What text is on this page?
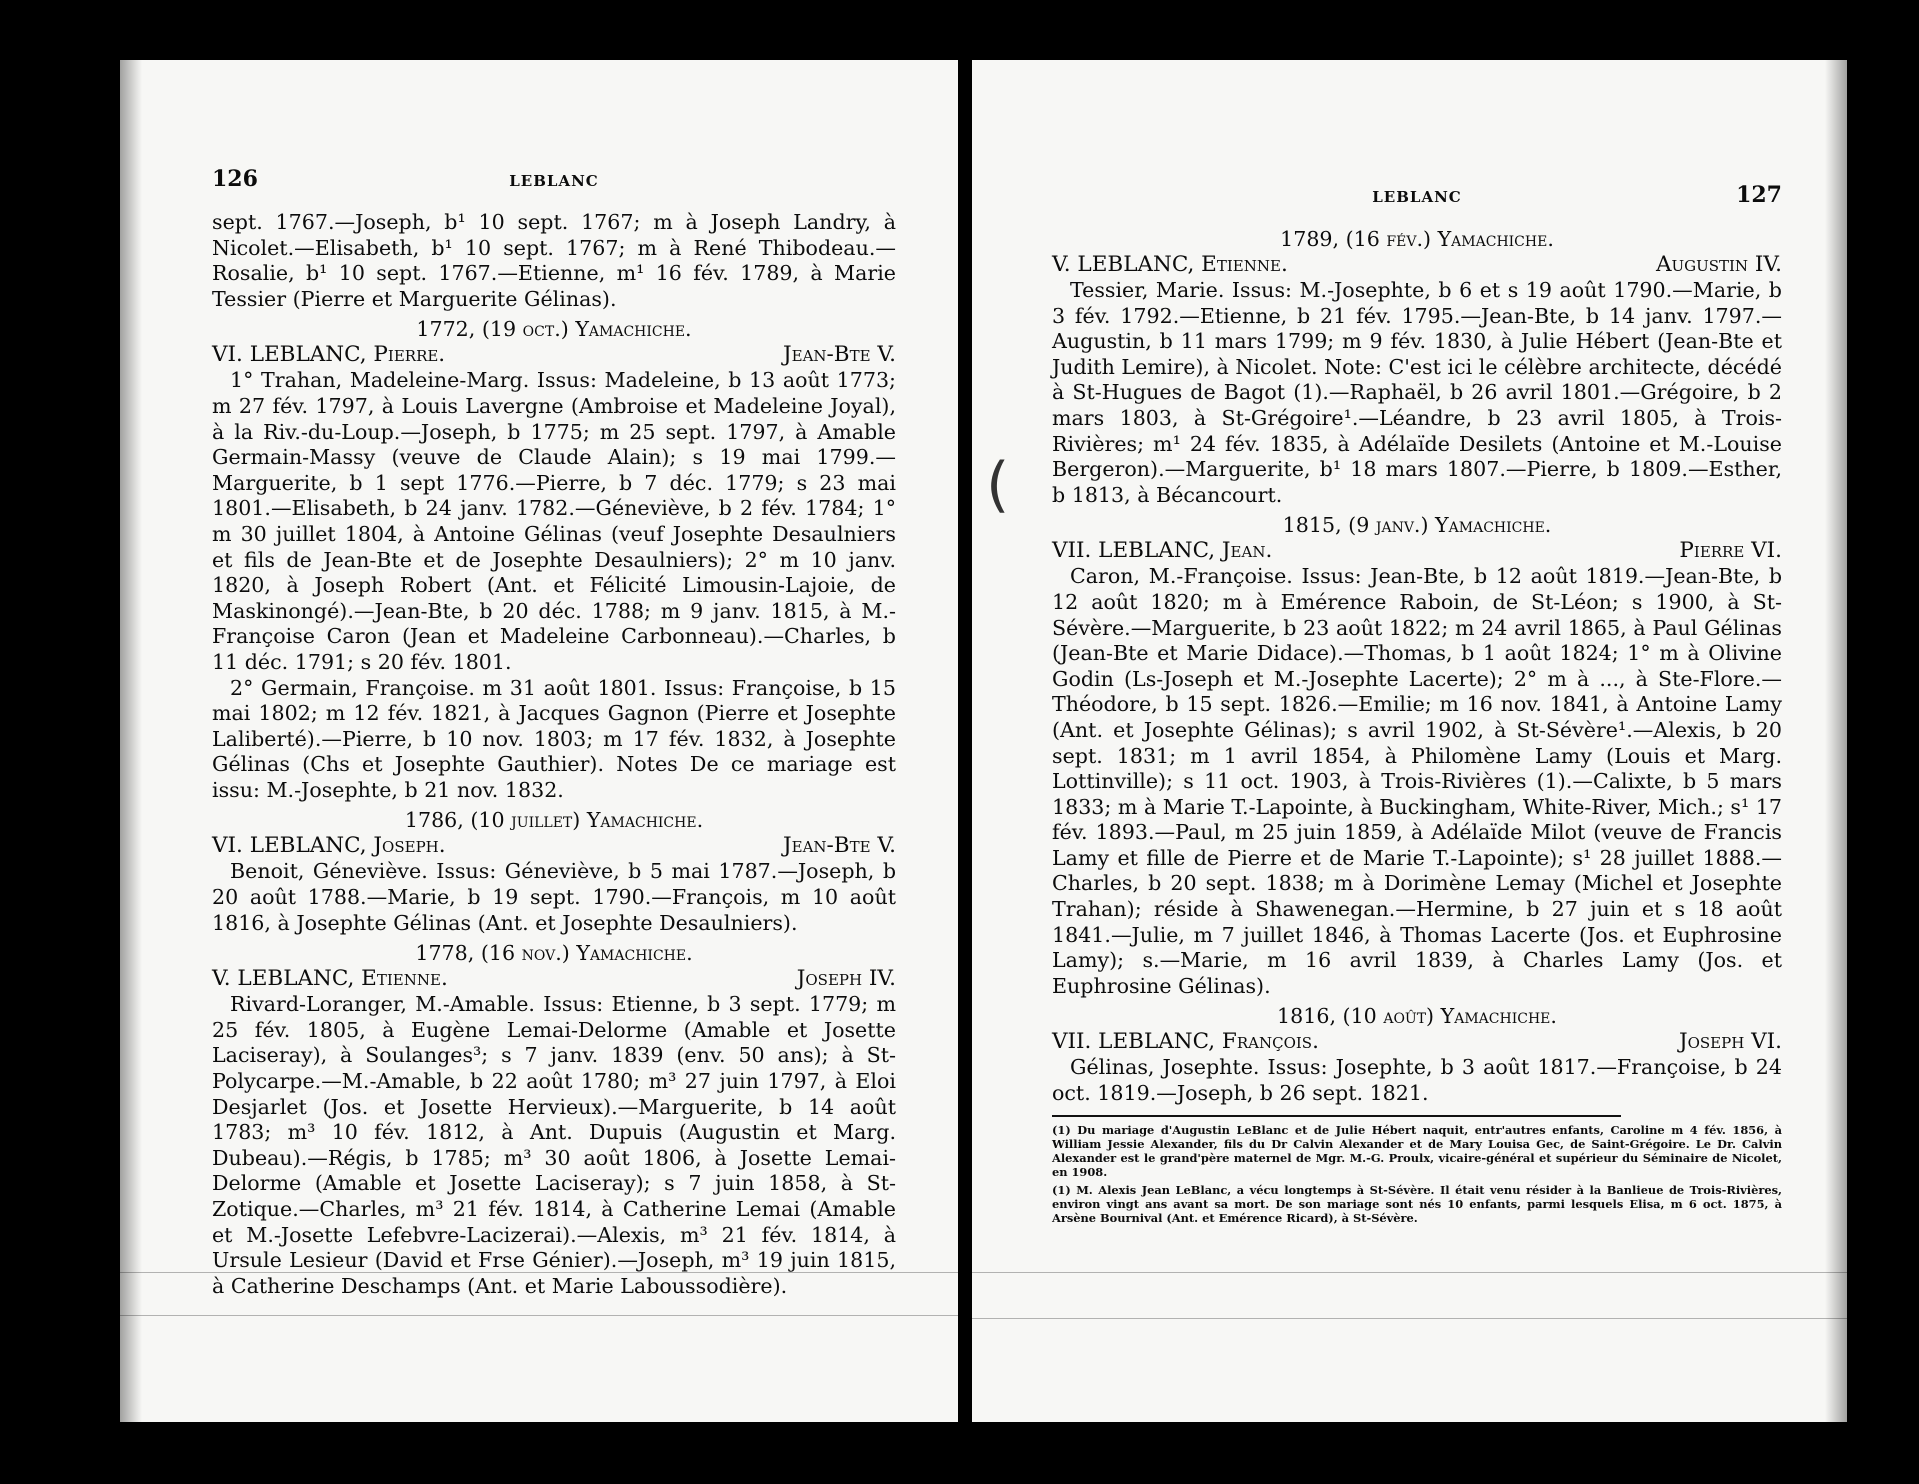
126	LEBLANC

sept. 1767.—Joseph, b¹ 10 sept. 1767; m à Joseph Landry, à Nicolet.—Elisabeth, b¹ 10 sept. 1767; m à René Thibodeau.—Rosalie, b¹ 10 sept. 1767.—Etienne, m¹ 16 fév. 1789, à Marie Tessier (Pierre et Marguerite Gélinas).

1772, (19 oct.) Yamachiche.

VI. LEBLANC, Pierre.	Jean-Bte V.

1° Trahan, Madeleine-Marg. Issus: Madeleine, b 13 août 1773; m 27 fév. 1797, à Louis Lavergne (Ambroise et Madeleine Joyal), à la Riv.-du-Loup.—Joseph, b 1775; m 25 sept. 1797, à Amable Germain-Massy (veuve de Claude Alain); s 19 mai 1799.—Marguerite, b 1 sept 1776.—Pierre, b 7 déc. 1779; s 23 mai 1801.—Elisabeth, b 24 janv. 1782.—Géneviève, b 2 fév. 1784; 1° m 30 juillet 1804, à Antoine Gélinas (veuf Josephte Desaulniers et fils de Jean-Bte et de Josephte Desaulniers); 2° m 10 janv. 1820, à Joseph Robert (Ant. et Félicité Limousin-Lajoie, de Maskinongé).—Jean-Bte, b 20 déc. 1788; m 9 janv. 1815, à M.-Françoise Caron (Jean et Madeleine Carbonneau).—Charles, b 11 déc. 1791; s 20 fév. 1801.

2° Germain, Françoise. m 31 août 1801. Issus: Françoise, b 15 mai 1802; m 12 fév. 1821, à Jacques Gagnon (Pierre et Josephte Laliberté).—Pierre, b 10 nov. 1803; m 17 fév. 1832, à Josephte Gélinas (Chs et Josephte Gauthier). Notes De ce mariage est issu: M.-Josephte, b 21 nov. 1832.

1786, (10 juillet) Yamachiche.

VI. LEBLANC, Joseph.	Jean-Bte V.

Benoit, Géneviève. Issus: Géneviève, b 5 mai 1787.—Joseph, b 20 août 1788.—Marie, b 19 sept. 1790.—François, m 10 août 1816, à Josephte Gélinas (Ant. et Josephte Desaulniers).

1778, (16 nov.) Yamachiche.

V. LEBLANC, Etienne.	Joseph IV.

Rivard-Loranger, M.-Amable. Issus: Etienne, b 3 sept. 1779; m 25 fév. 1805, à Eugène Lemai-Delorme (Amable et Josette Laciseray), à Soulanges³; s 7 janv. 1839 (env. 50 ans); à St-Polycarpe.—M.-Amable, b 22 août 1780; m³ 27 juin 1797, à Eloi Desjarlet (Jos. et Josette Hervieux).—Marguerite, b 14 août 1783; m³ 10 fév. 1812, à Ant. Dupuis (Augustin et Marg. Dubeau).—Régis, b 1785; m³ 30 août 1806, à Josette Lemai-Delorme (Amable et Josette Laciseray); s 7 juin 1858, à St-Zotique.—Charles, m³ 21 fév. 1814, à Catherine Lemai (Amable et M.-Josette Lefebvre-Lacizerai).—Alexis, m³ 21 fév. 1814, à Ursule Lesieur (David et Frse Génier).—Joseph, m³ 19 juin 1815, à Catherine Deschamps (Ant. et Marie Laboussodière).

(
LEBLANC	127

1789, (16 fév.) Yamachiche.

V. LEBLANC, Etienne.	Augustin IV.

Tessier, Marie. Issus: M.-Josephte, b 6 et s 19 août 1790.—Marie, b 3 fév. 1792.—Etienne, b 21 fév. 1795.—Jean-Bte, b 14 janv. 1797.—Augustin, b 11 mars 1799; m 9 fév. 1830, à Julie Hébert (Jean-Bte et Judith Lemire), à Nicolet. Note: C'est ici le célèbre architecte, décédé à St-Hugues de Bagot (1).—Raphaël, b 26 avril 1801.—Grégoire, b 2 mars 1803, à St-Grégoire¹.—Léandre, b 23 avril 1805, à Trois-Rivières; m¹ 24 fév. 1835, à Adélaïde Desilets (Antoine et M.-Louise Bergeron).—Marguerite, b¹ 18 mars 1807.—Pierre, b 1809.—Esther, b 1813, à Bécancourt.

1815, (9 janv.) Yamachiche.

VII. LEBLANC, Jean.	Pierre VI.

Caron, M.-Françoise. Issus: Jean-Bte, b 12 août 1819.—Jean-Bte, b 12 août 1820; m à Emérence Raboin, de St-Léon; s 1900, à St-Sévère.—Marguerite, b 23 août 1822; m 24 avril 1865, à Paul Gélinas (Jean-Bte et Marie Didace).—Thomas, b 1 août 1824; 1° m à Olivine Godin (Ls-Joseph et M.-Josephte Lacerte); 2° m à ..., à Ste-Flore.—Théodore, b 15 sept. 1826.—Emilie; m 16 nov. 1841, à Antoine Lamy (Ant. et Josephte Gélinas); s avril 1902, à St-Sévère¹.—Alexis, b 20 sept. 1831; m 1 avril 1854, à Philomène Lamy (Louis et Marg. Lottinville); s 11 oct. 1903, à Trois-Rivières (1).—Calixte, b 5 mars 1833; m à Marie T.-Lapointe, à Buckingham, White-River, Mich.; s¹ 17 fév. 1893.—Paul, m 25 juin 1859, à Adélaïde Milot (veuve de Francis Lamy et fille de Pierre et de Marie T.-Lapointe); s¹ 28 juillet 1888.—Charles, b 20 sept. 1838; m à Dorimène Lemay (Michel et Josephte Trahan); réside à Shawenegan.—Hermine, b 27 juin et s 18 août 1841.—Julie, m 7 juillet 1846, à Thomas Lacerte (Jos. et Euphrosine Lamy); s.—Marie, m 16 avril 1839, à Charles Lamy (Jos. et Euphrosine Gélinas).

1816, (10 août) Yamachiche.

VII. LEBLANC, François.	Joseph VI.

Gélinas, Josephte. Issus: Josephte, b 3 août 1817.—Françoise, b 24 oct. 1819.—Joseph, b 26 sept. 1821.

(1) Du mariage d'Augustin LeBlanc et de Julie Hébert naquit, entr'autres enfants, Caroline m 4 fév. 1856, à William Jessie Alexander, fils du Dr Calvin Alexander et de Mary Louisa Gec, de Saint-Grégoire. Le Dr. Calvin Alexander est le grand'père maternel de Mgr. M.-G. Proulx, vicaire-général et supérieur du Séminaire de Nicolet, en 1908.

(1) M. Alexis Jean LeBlanc, a vécu longtemps à St-Sévère. Il était venu résider à la Banlieue de Trois-Rivières, environ vingt ans avant sa mort. De son mariage sont nés 10 enfants, parmi lesquels Elisa, m 6 oct. 1875, à Arsène Bournival (Ant. et Emérence Ricard), à St-Sévère.
